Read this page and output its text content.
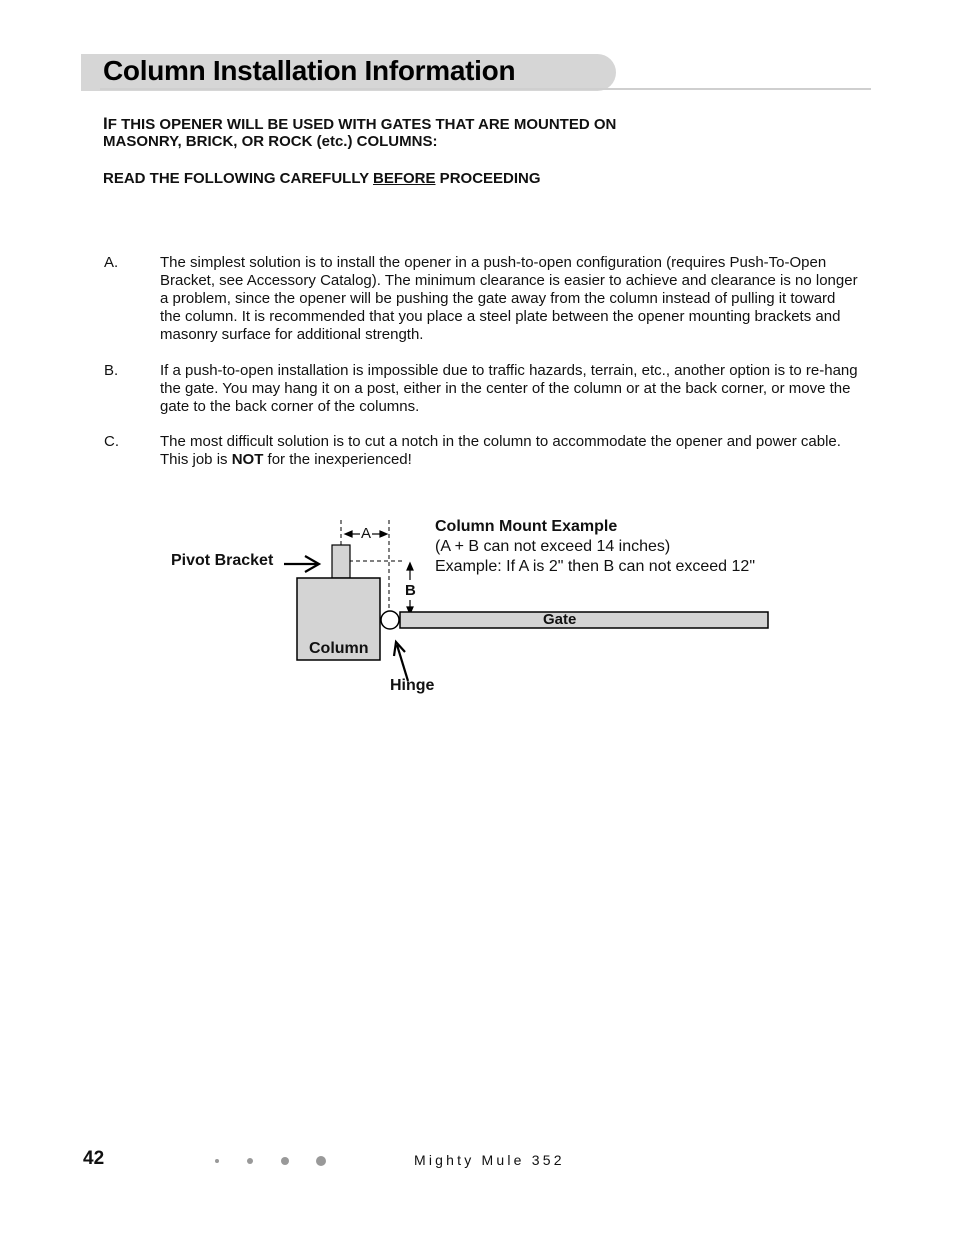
Column Installation Information
IF THIS OPENER WILL BE USED WITH GATES THAT ARE MOUNTED ON
MASONRY, BRICK, OR ROCK (etc.) COLUMNS:
READ THE FOLLOWING CAREFULLY BEFORE PROCEEDING
A.	The simplest solution is to install the opener in a push-to-open configuration (requires Push-To-Open Bracket, see Accessory Catalog). The minimum clearance is easier to achieve and clearance is no longer a problem, since the opener will be pushing the gate away from the column instead of pulling it toward the column. It is recommended that you place a steel plate between the opener mounting brackets and masonry surface for additional strength.
B.	If a push-to-open installation is impossible due to traffic hazards, terrain, etc., another option is to re-hang the gate. You may hang it on a post, either in the center of the column or at the back corner, or move the gate to the back corner of the columns.
C.	The most difficult solution is to cut a notch in the column to accommodate the opener and power cable. This job is NOT for the inexperienced!
Pivot Bracket
Column
Hinge
Gate
A
B
Column Mount Example
(A + B can not exceed 14 inches)
Example: If A is 2" then B can not exceed 12"
42	Mighty Mule 352
